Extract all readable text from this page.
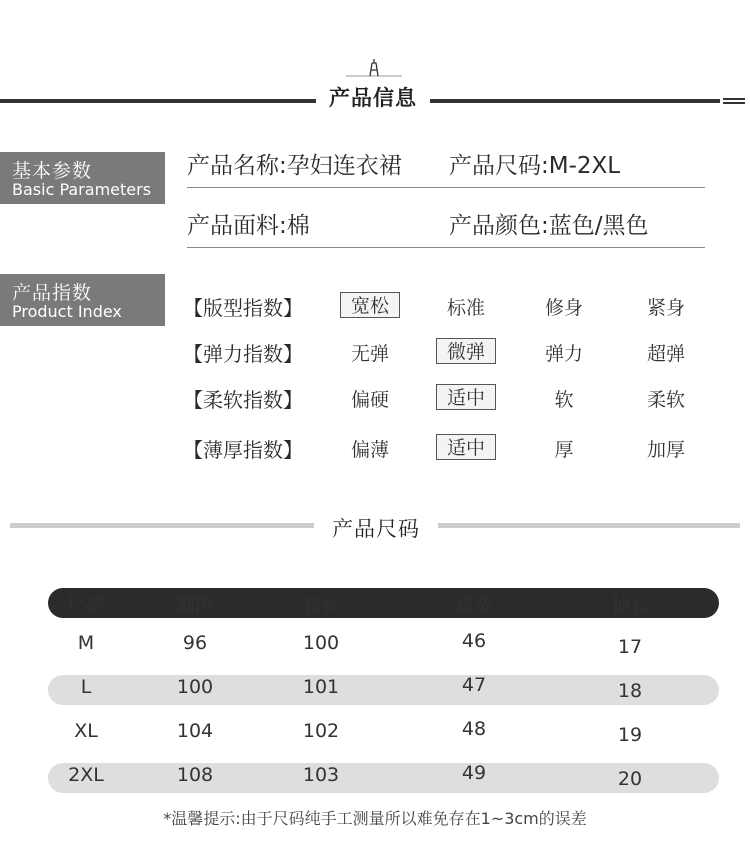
产品信息
基本参数
Basic Parameters
产品名称:孕妇连衣裙 产品尺码:M-2XL
产品面料:棉	产品颜色:蓝色/黑色
产品指数
Product Index	【版型指数】	宽松	标准	修身	紧身
【弹力指数】	无弹	微弹	弹力	超弹
【柔软指数】	偏硬	适中	软	柔软
【薄厚指数】	偏薄	适中	厚	加厚
产品尺码
尺码	胸围	衣长	肩宽	袖长
M	96	100	46	17
L	100	101	47	18
XL	104	102	48	19
2XL	108	103	49	20
*温馨提示:由于尺码纯手工测量所以难免存在1~3cm的误差
